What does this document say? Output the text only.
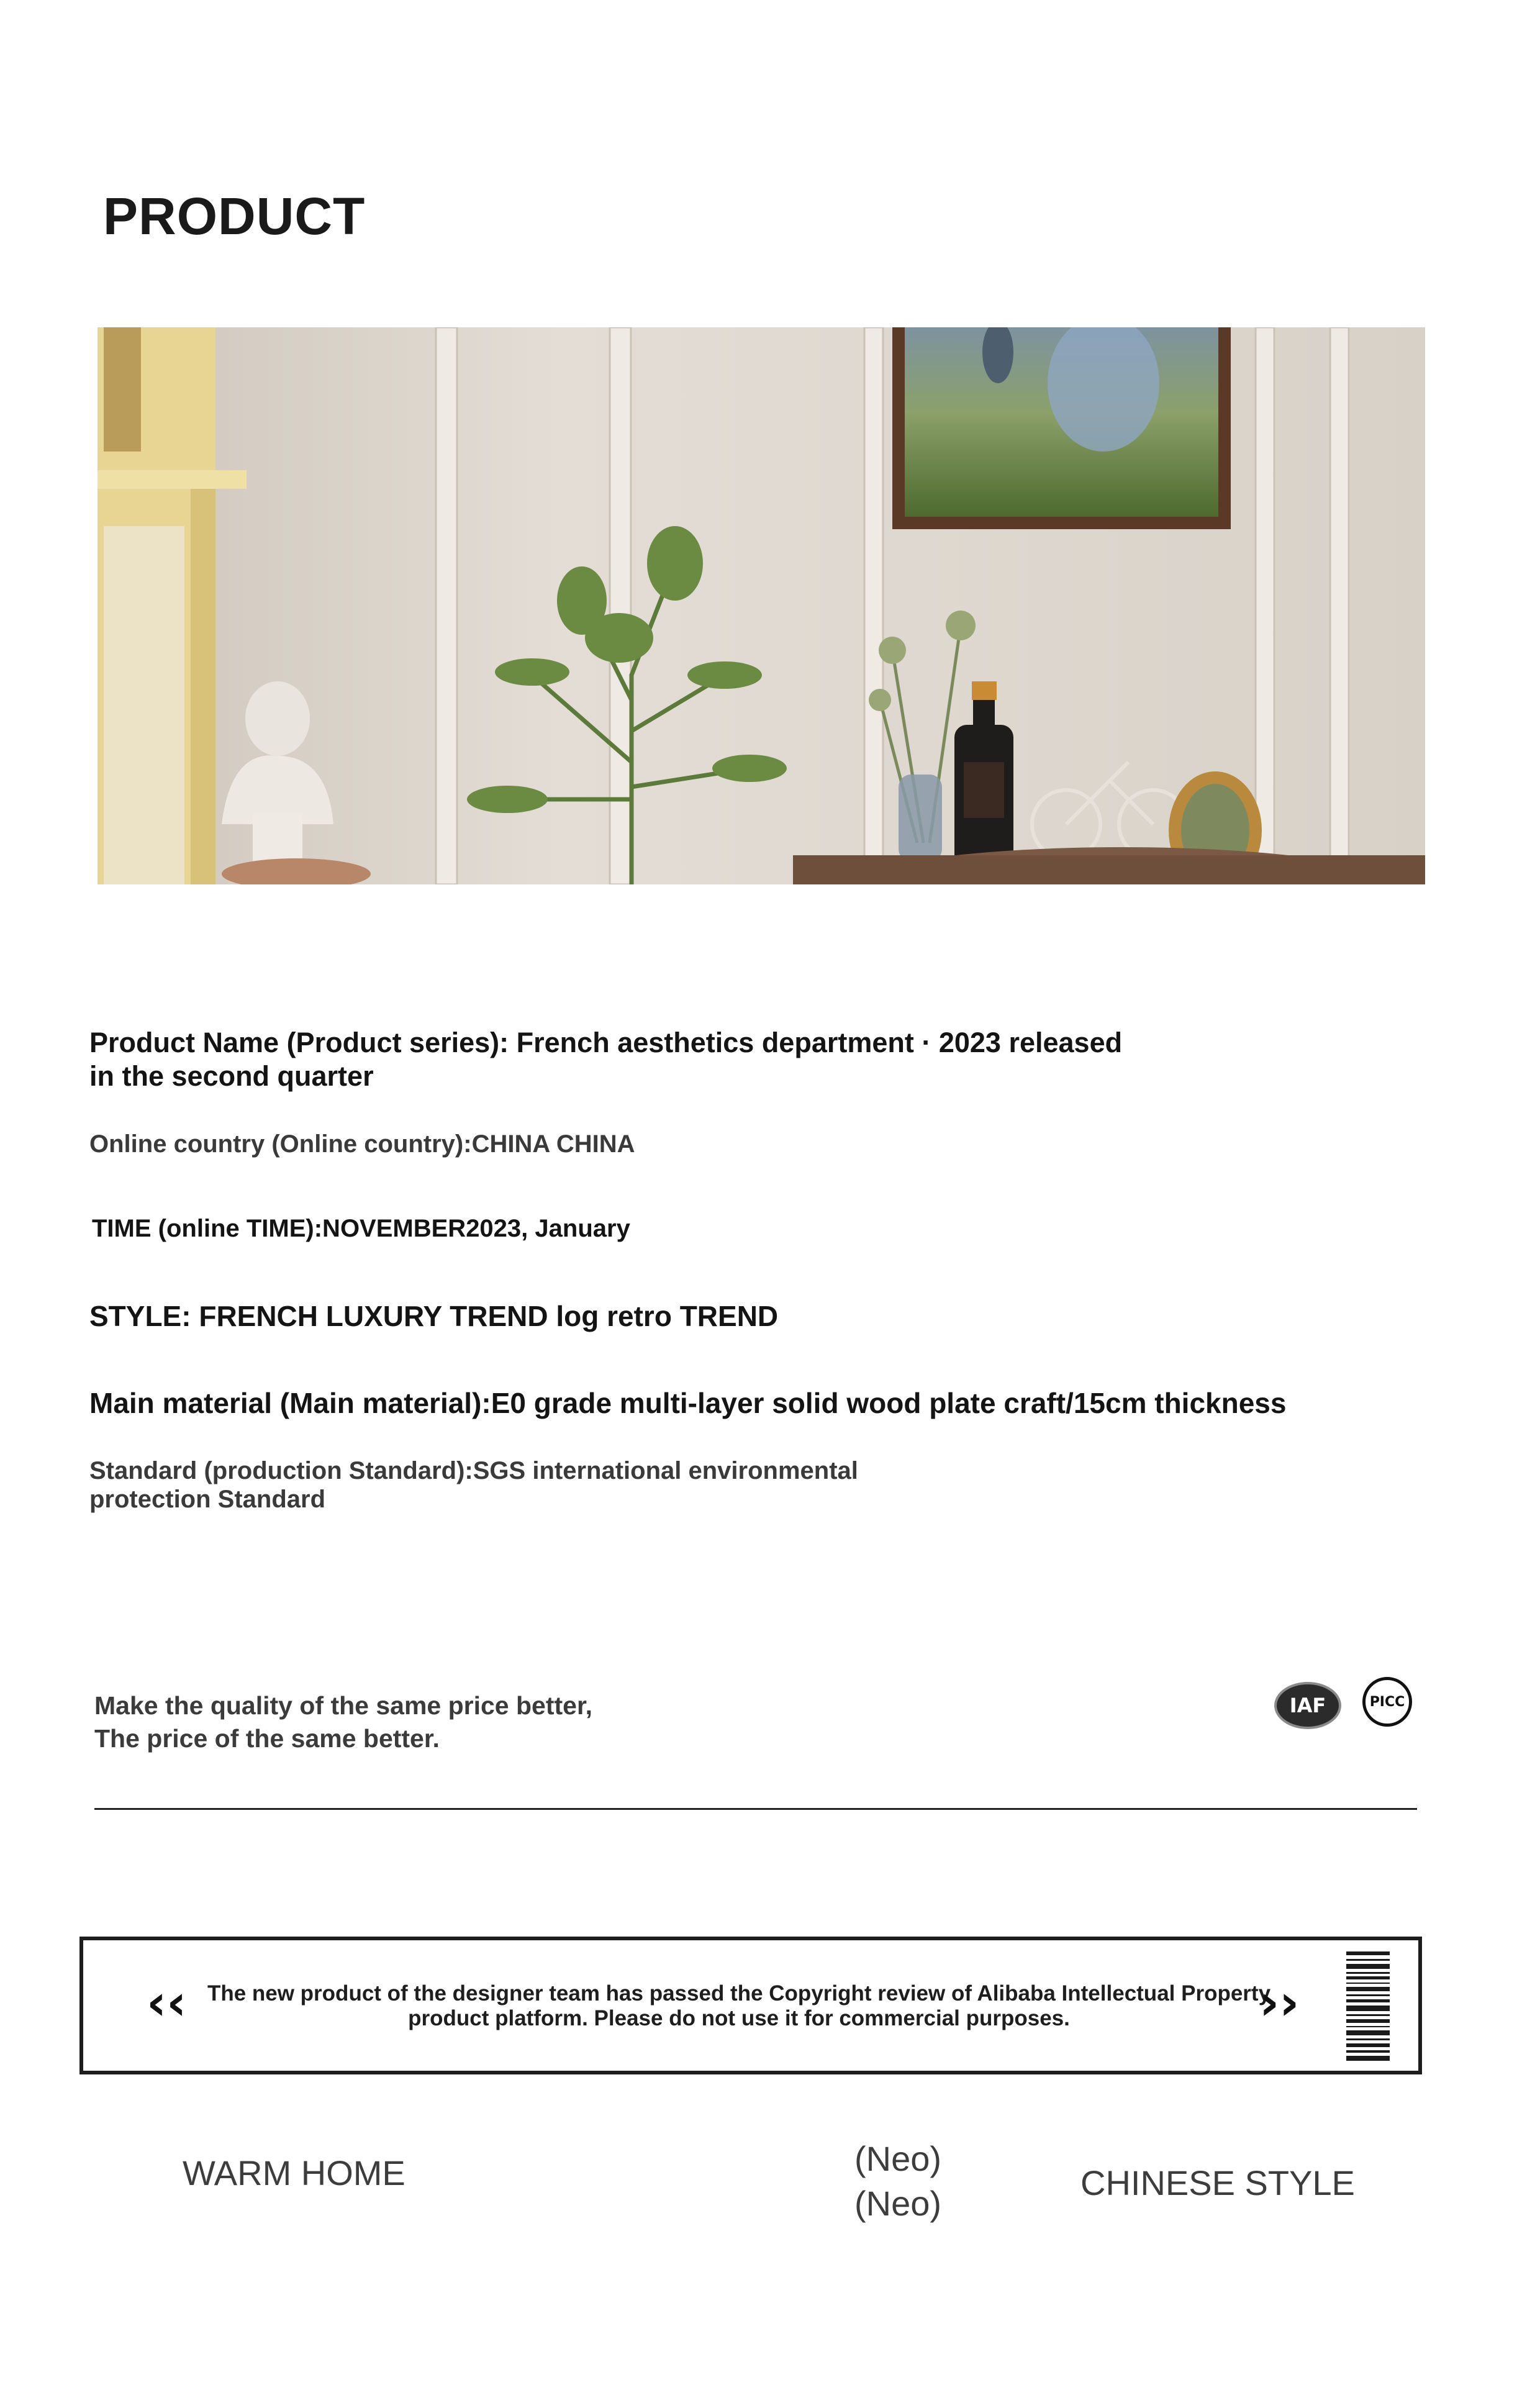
PRODUCT
Product Name (Product series): French aesthetics department · 2023 released
in the second quarter
Online country (Online country):CHINA CHINA
TIME (online TIME):NOVEMBER2023, January
STYLE: FRENCH LUXURY TREND log retro TREND
Main material (Main material):E0 grade multi-layer solid wood plate craft/15cm thickness
Standard (production Standard):SGS international environmental
protection Standard
Make the quality of the same price better,
The price of the same better.
IAF	PICC
‹‹ The new product of the designer team has passed the Copyright review of Alibaba Intellectual Property
product platform. Please do not use it for commercial purposes.	››
WARM HOME	(Neo)
(Neo)
CHINESE STYLE
